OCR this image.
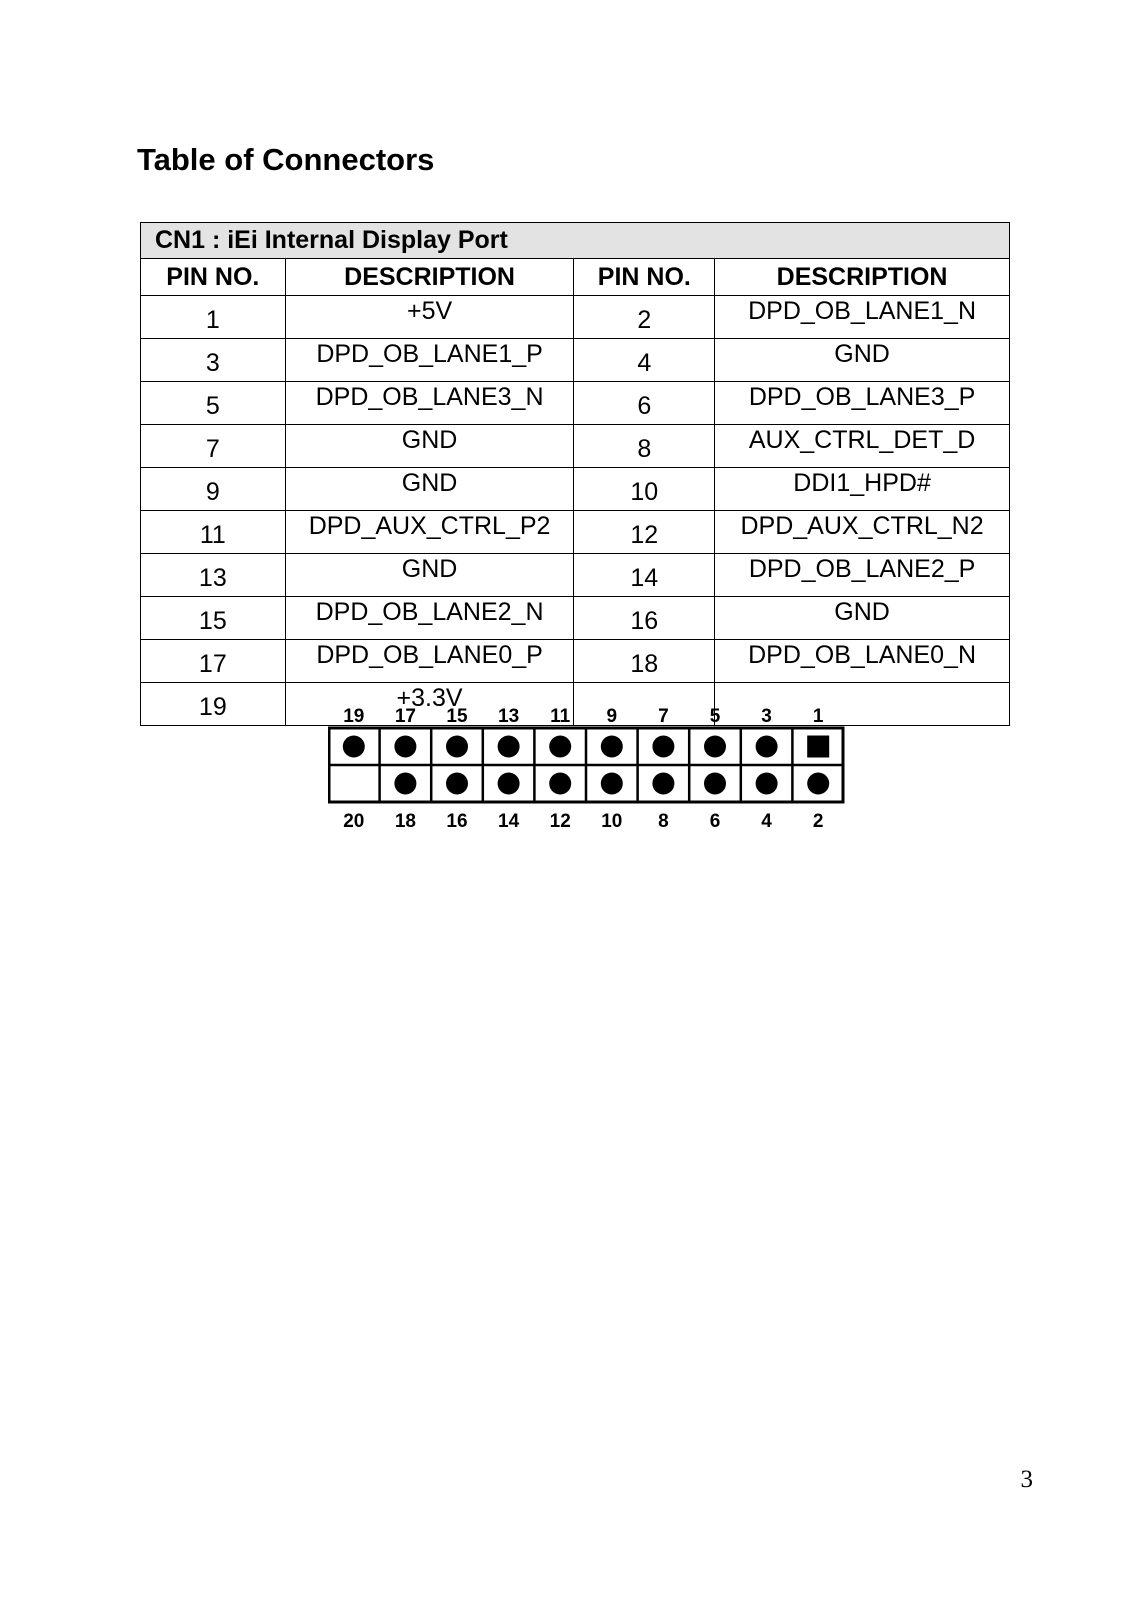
Table of Connectors
CN1 : iEi Internal Display Port			
PIN NO.	DESCRIPTION	PIN NO.	DESCRIPTION
1	+5V	2	DPD_OB_LANE1_N
3	DPD_OB_LANE1_P	4	GND
5	DPD_OB_LANE3_N	6	DPD_OB_LANE3_P
7	GND	8	AUX_CTRL_DET_D
9	GND	10	DDI1_HPD#
11	DPD_AUX_CTRL_P2	12	DPD_AUX_CTRL_N2
13	GND	14	DPD_OB_LANE2_P
15	DPD_OB_LANE2_N	16	GND
17	DPD_OB_LANE0_P	18	DPD_OB_LANE0_N
19	+3.3V		
19
20
17
18
15
16
13
14
11
12
9
10
7
8
5
6
3
4
1
2
3
